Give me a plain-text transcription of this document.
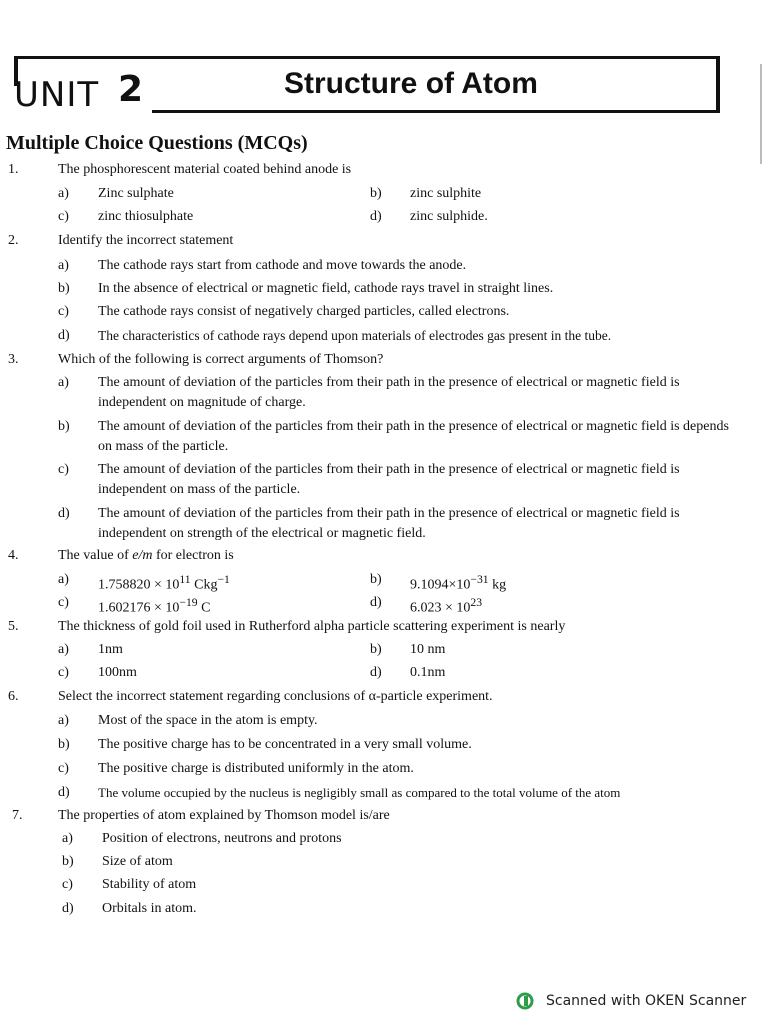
UNIT 2	Structure of Atom
Multiple Choice Questions (MCQs)
1.	The phosphorescent material coated behind anode is
a) Zinc sulphate	b) zinc sulphite
c) zinc thiosulphate	d) zinc sulphide.
2.	Identify the incorrect statement
a) The cathode rays start from cathode and move towards the anode.
b) In the absence of electrical or magnetic field, cathode rays travel in straight lines.
c) The cathode rays consist of negatively charged particles, called electrons.
d) The characteristics of cathode rays depend upon materials of electrodes gas present in the tube.
3.	Which of the following is correct arguments of Thomson?
a) The amount of deviation of the particles from their path in the presence of electrical or magnetic field is independent on magnitude of charge.
b) The amount of deviation of the particles from their path in the presence of electrical or magnetic field is depends on mass of the particle.
c) The amount of deviation of the particles from their path in the presence of electrical or magnetic field is independent on mass of the particle.
d) The amount of deviation of the particles from their path in the presence of electrical or magnetic field is independent on strength of the electrical or magnetic field.
4.	The value of e/m for electron is
a) $1.758820 \times 10^{11}$ Ckg$^{-1}$	b) $9.1094\times 10^{-31}$ kg
c) $1.602176 \times 10^{-19}$ C	d) $6.023 \times 10^{23}$
5.	The thickness of gold foil used in Rutherford alpha particle scattering experiment is nearly
a) 1nm	b) 10 nm
c) 100nm	d) 0.1nm
6.	Select the incorrect statement regarding conclusions of α-particle experiment.
a) Most of the space in the atom is empty.
b) The positive charge has to be concentrated in a very small volume.
c) The positive charge is distributed uniformly in the atom.
d) The volume occupied by the nucleus is negligibly small as compared to the total volume of the atom
7.	The properties of atom explained by Thomson model is/are
a) Position of electrons, neutrons and protons
b) Size of atom
c) Stability of atom
d) Orbitals in atom.
Scanned with OKEN Scanner
